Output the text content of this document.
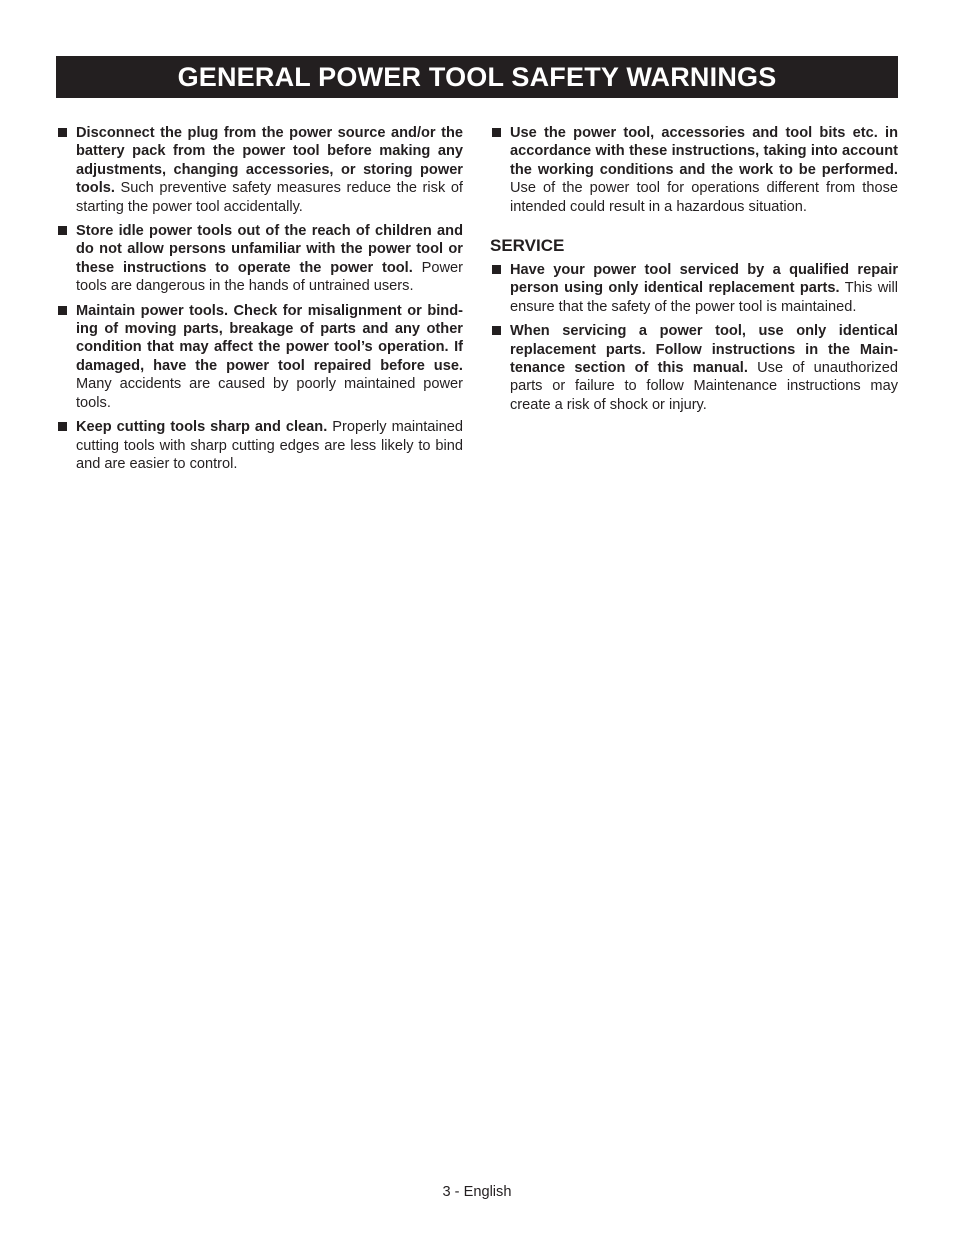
GENERAL POWER TOOL SAFETY WARNINGS
Disconnect the plug from the power source and/or the battery pack from the power tool before making any adjustments, changing accessories, or storing power tools. Such preventive safety measures reduce the risk of starting the power tool accidentally.
Store idle power tools out of the reach of children and do not allow persons unfamiliar with the power tool or these instructions to operate the power tool. Power tools are dangerous in the hands of untrained users.
Maintain power tools. Check for misalignment or binding of moving parts, breakage of parts and any other condition that may affect the power tool’s operation. If damaged, have the power tool repaired before use. Many accidents are caused by poorly maintained power tools.
Keep cutting tools sharp and clean. Properly maintained cutting tools with sharp cutting edges are less likely to bind and are easier to control.
Use the power tool, accessories and tool bits etc. in accordance with these instructions, taking into account the working conditions and the work to be performed. Use of the power tool for operations different from those intended could result in a hazardous situation.
SERVICE
Have your power tool serviced by a qualified repair person using only identical replacement parts. This will ensure that the safety of the power tool is maintained.
When servicing a power tool, use only identical replacement parts. Follow instructions in the Maintenance section of this manual. Use of unauthorized parts or failure to follow Maintenance instructions may create a risk of shock or injury.
3 - English
